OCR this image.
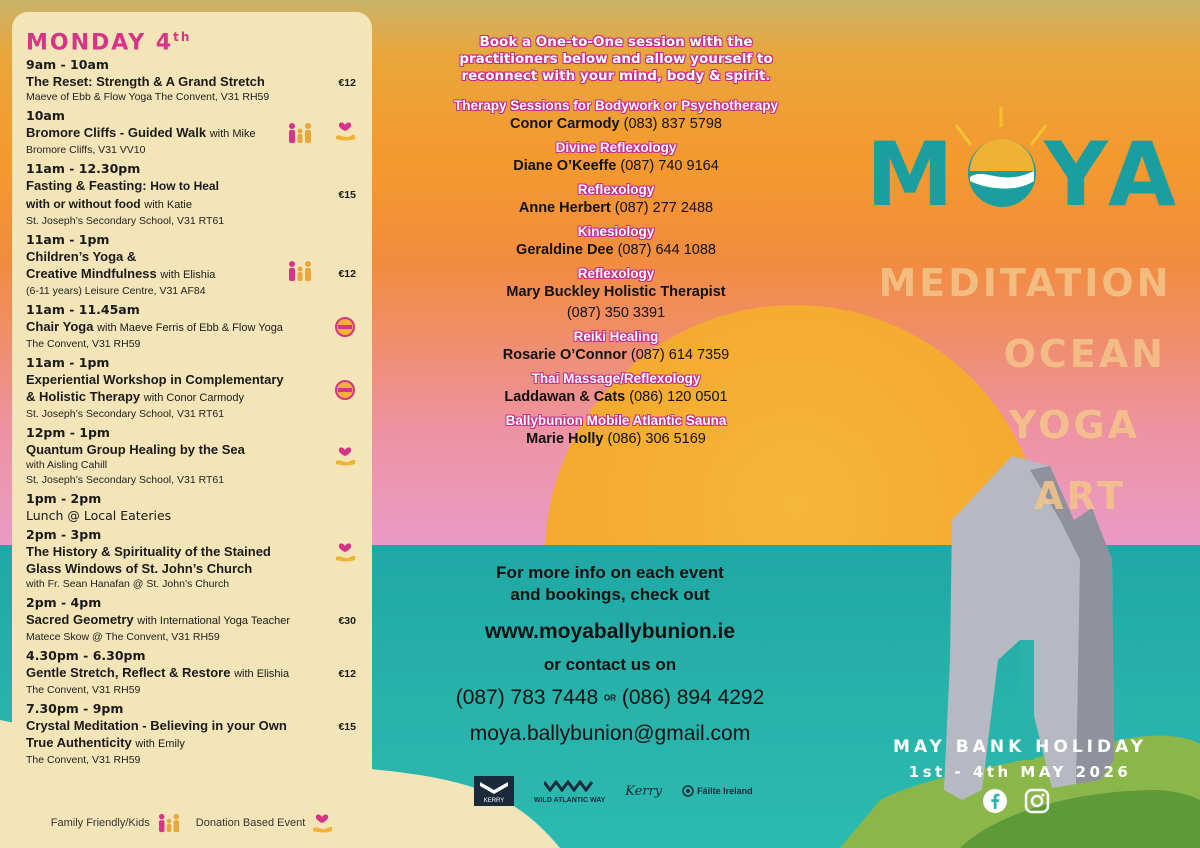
MONDAY 4th
9am - 10am
The Reset: Strength & A Grand Stretch
Maeve of Ebb & Flow Yoga The Convent, V31 RH59
€12
10am
Bromore Cliffs - Guided Walk with Mike
Bromore Cliffs, V31 VV10
11am - 12.30pm
Fasting & Feasting: How to Heal
with or without food with Katie
St. Joseph’s Secondary School, V31 RT61
€15
11am - 1pm
Children’s Yoga &
Creative Mindfulness with Elishia
(6-11 years) Leisure Centre, V31 AF84
€12
11am - 11.45am
Chair Yoga with Maeve Ferris of Ebb & Flow Yoga
The Convent, V31 RH59
11am - 1pm
Experiential Workshop in Complementary
& Holistic Therapy with Conor Carmody
St. Joseph’s Secondary School, V31 RT61
12pm - 1pm
Quantum Group Healing by the Sea
with Aisling Cahill
St. Joseph’s Secondary School, V31 RT61
1pm - 2pm
Lunch @ Local Eateries
2pm - 3pm
The History & Spirituality of the Stained
Glass Windows of St. John’s Church
with Fr. Sean Hanafan @ St. John’s Church
2pm - 4pm
Sacred Geometry with International Yoga Teacher
Matece Skow @ The Convent, V31 RH59
€30
4.30pm - 6.30pm
Gentle Stretch, Reflect & Restore with Elishia
The Convent, V31 RH59
€12
7.30pm - 9pm
Crystal Meditation - Believing in your Own
True Authenticity with Emily
The Convent, V31 RH59
€15
Family Friendly/Kids	Donation Based Event
Book a One-to-One session with the
practitioners below and allow yourself to
reconnect with your mind, body & spirit.
Therapy Sessions for Bodywork or Psychotherapy
Conor Carmody (083) 837 5798
Divine Reflexology
Diane O’Keeffe (087) 740 9164
Reflexology
Anne Herbert (087) 277 2488
Kinesiology
Geraldine Dee (087) 644 1088
Reflexology
Mary Buckley Holistic Therapist
(087) 350 3391
Reiki Healing
Rosarie O’Connor (087) 614 7359
Thai Massage/Reflexology
Laddawan & Cats (086) 120 0501
Ballybunion Mobile Atlantic Sauna
Marie Holly (086) 306 5169
For more info on each event
and bookings, check out
www.moyaballybunion.ie
or contact us on
(087) 783 7448 OR (086) 894 4292
moya.ballybunion@gmail.com
KERRY	WILD ATLANTIC WAY
Kerry	Fáilte Ireland
M Y A
MOYA
MEDITATION
OCEAN
YOGA
ART
MAY BANK HOLIDAY
1st - 4th MAY 2026
